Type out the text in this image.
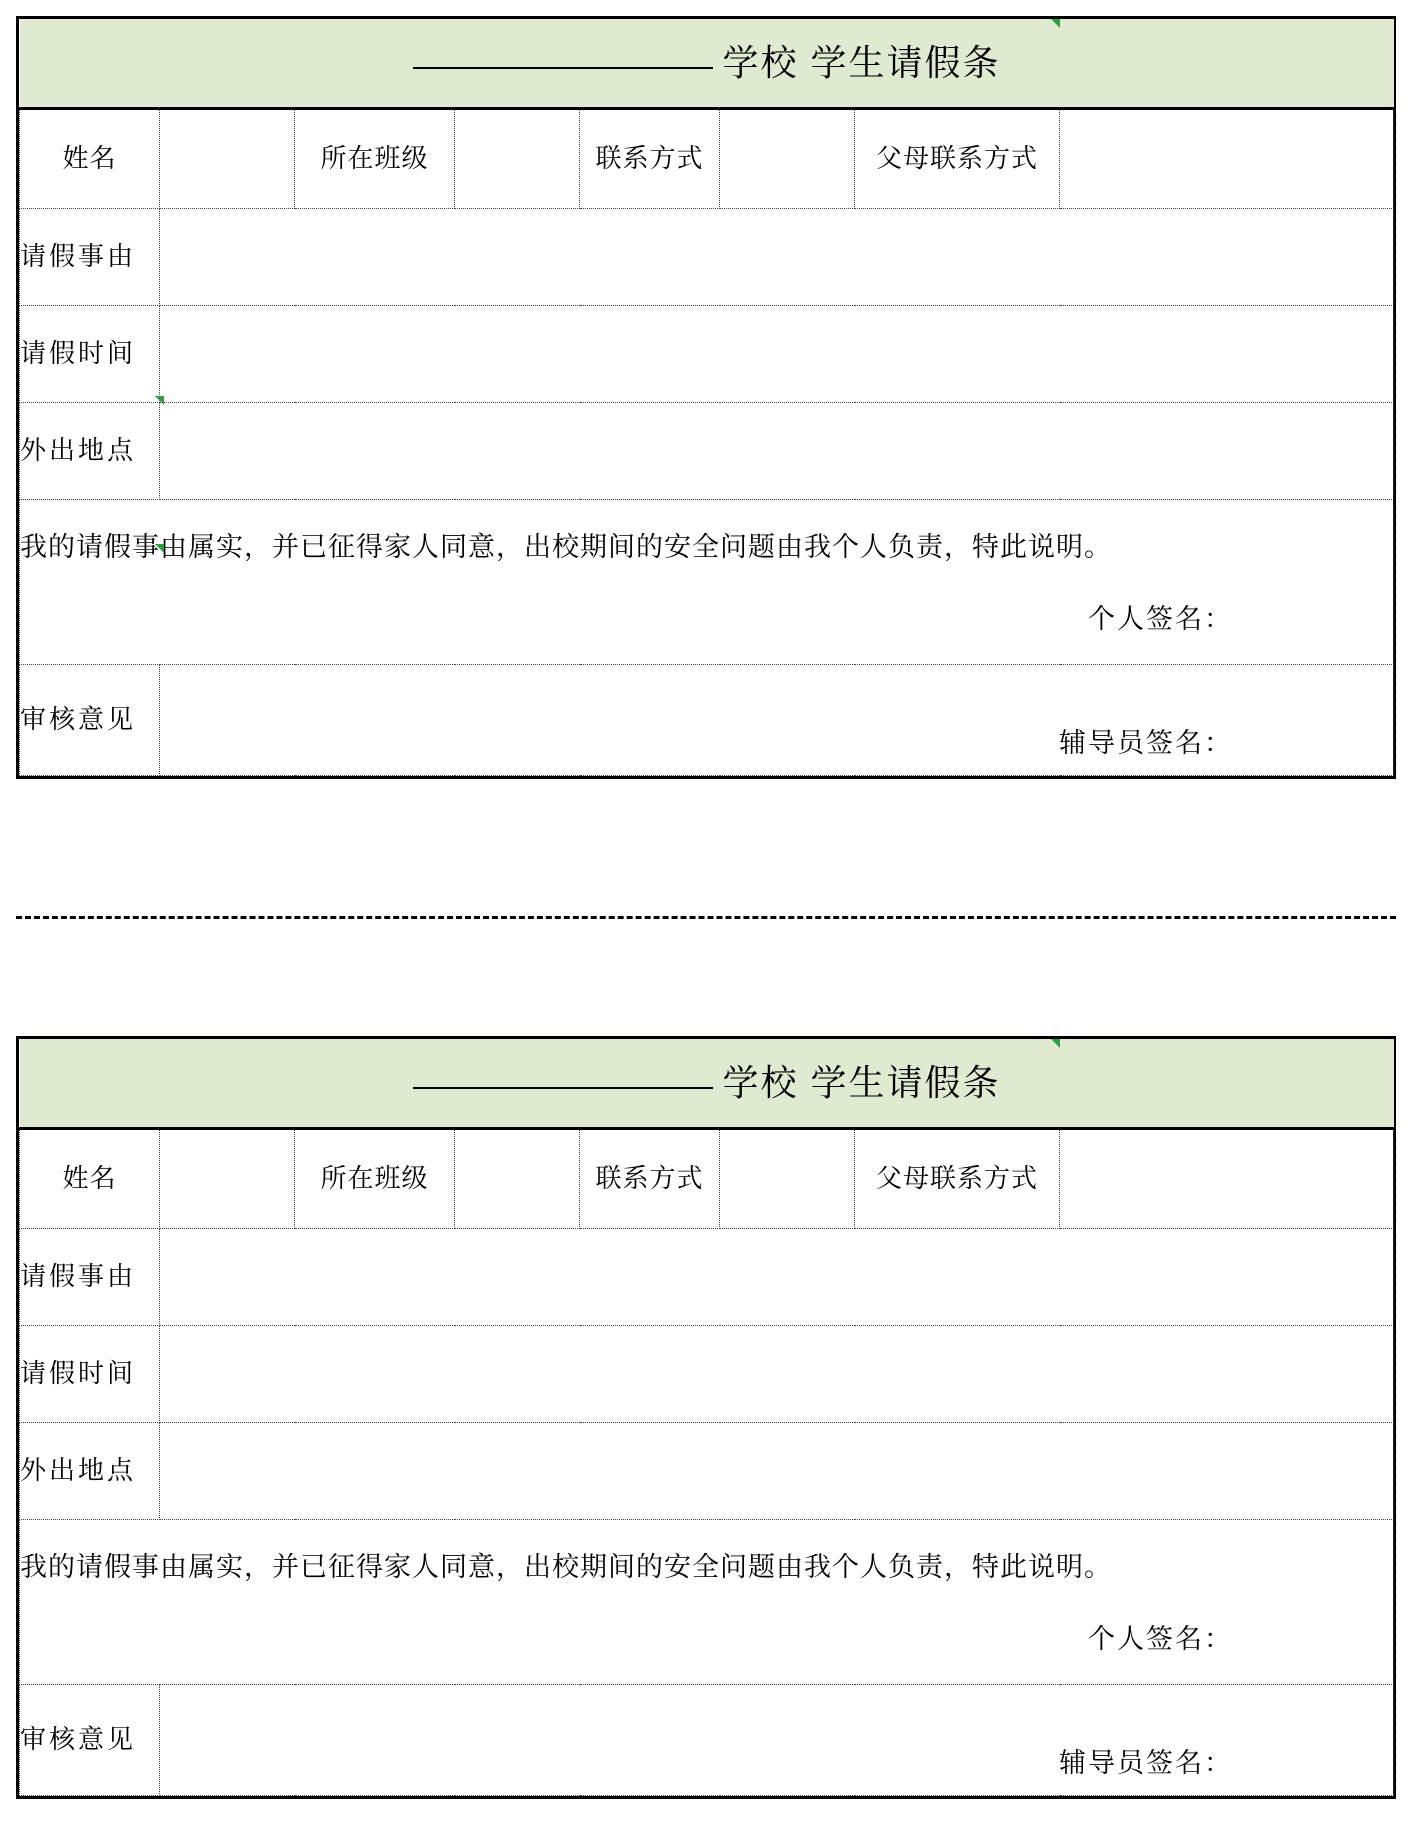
学校 学生请假条							
姓名		所在班级		联系方式		父母联系方式	
请假事由							
请假时间							
外出地点							

我的请假事由属实，并已征得家人同意，出校期间的安全问题由我个人负责，特此说明。
个人签名：							

审核意见	辅导员签名：						
学校 学生请假条							
姓名		所在班级		联系方式		父母联系方式	
请假事由							
请假时间							
外出地点							

我的请假事由属实，并已征得家人同意，出校期间的安全问题由我个人负责，特此说明。
个人签名：							

审核意见	辅导员签名：						
